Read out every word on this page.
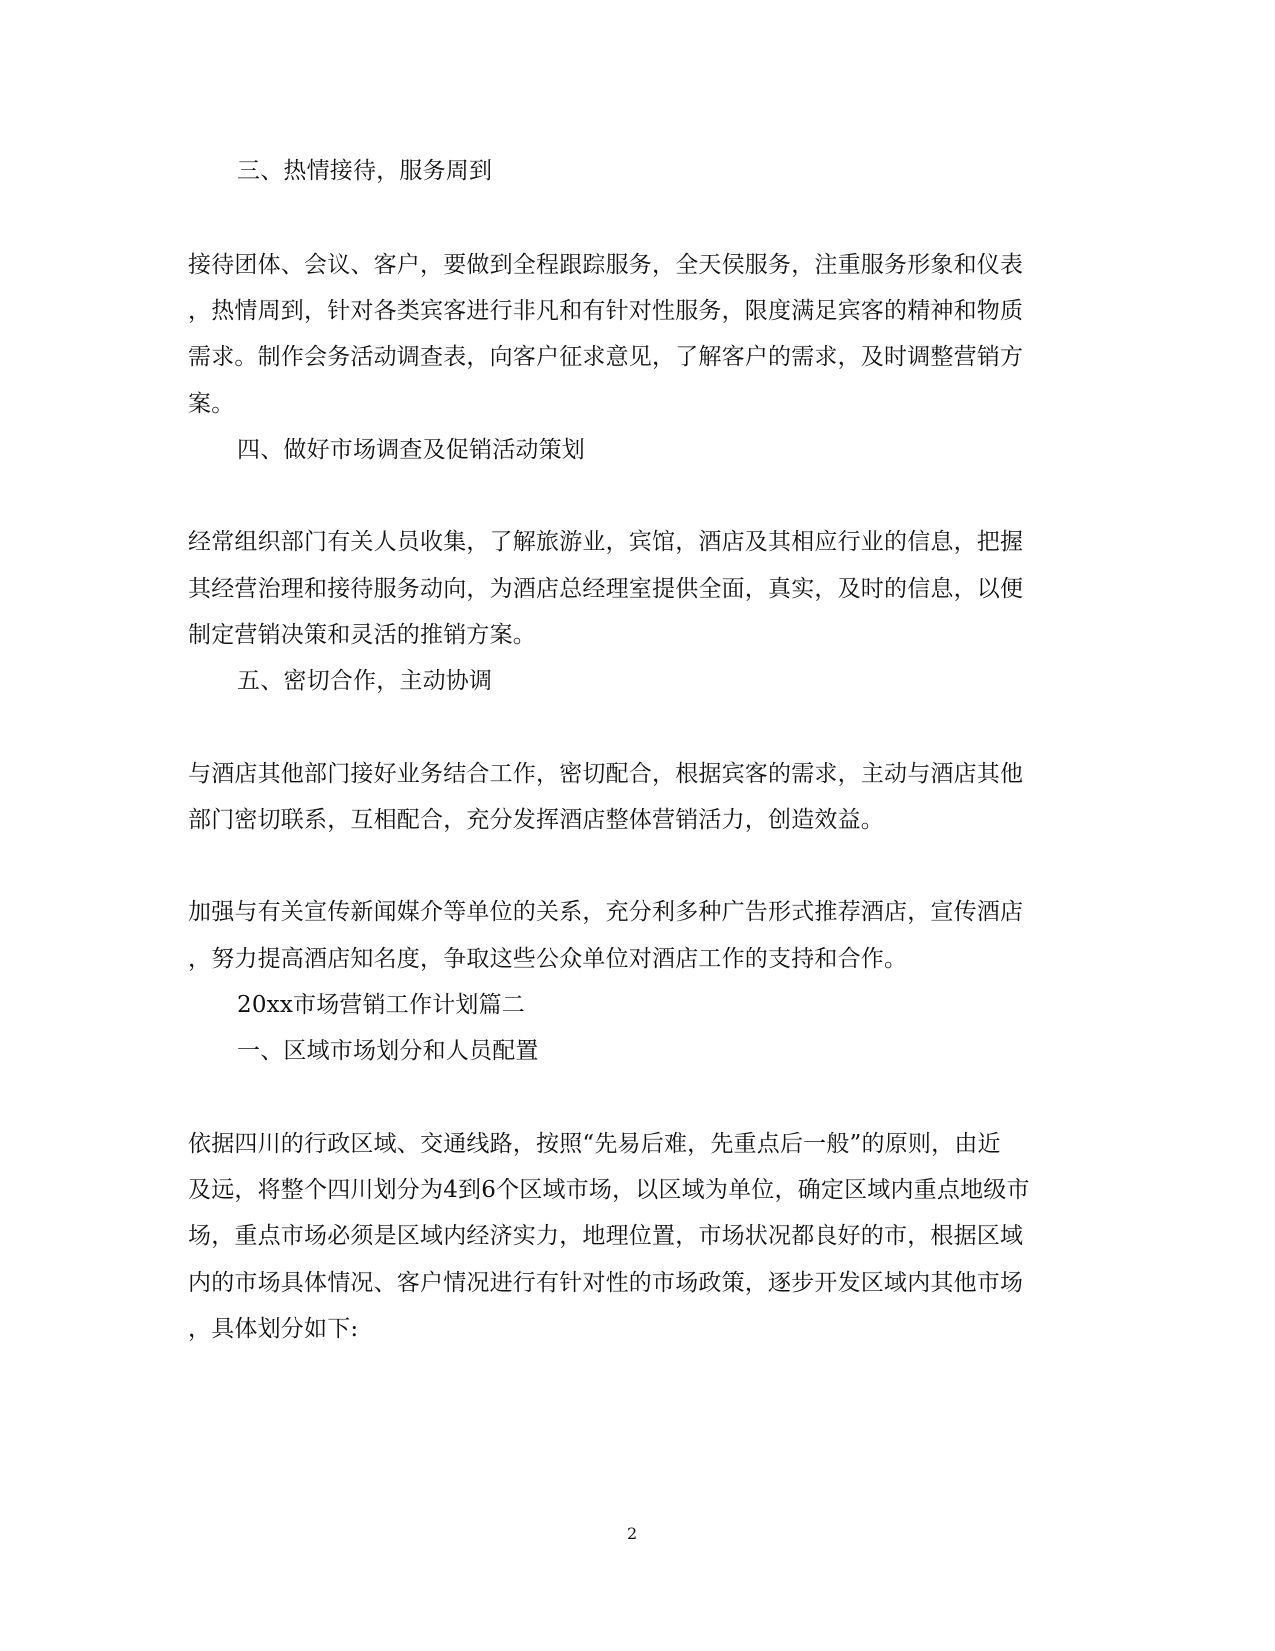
三、热情接待，服务周到
接待团体、会议、客户，要做到全程跟踪服务，全天侯服务，注重服务形象和仪表
，热情周到，针对各类宾客进行非凡和有针对性服务，限度满足宾客的精神和物质
需求。制作会务活动调查表，向客户征求意见，了解客户的需求，及时调整营销方
案。
四、做好市场调查及促销活动策划
经常组织部门有关人员收集，了解旅游业，宾馆，酒店及其相应行业的信息，把握
其经营治理和接待服务动向，为酒店总经理室提供全面，真实，及时的信息，以便
制定营销决策和灵活的推销方案。
五、密切合作，主动协调
与酒店其他部门接好业务结合工作，密切配合，根据宾客的需求，主动与酒店其他
部门密切联系，互相配合，充分发挥酒店整体营销活力，创造效益。
加强与有关宣传新闻媒介等单位的关系，充分利多种广告形式推荐酒店，宣传酒店
，努力提高酒店知名度，争取这些公众单位对酒店工作的支持和合作。
20xx市场营销工作计划篇二
一、区域市场划分和人员配置
依据四川的行政区域、交通线路，按照“先易后难，先重点后一般”的原则，由近
及远，将整个四川划分为4到6个区域市场，以区域为单位，确定区域内重点地级市
场，重点市场必须是区域内经济实力，地理位置，市场状况都良好的市，根据区域
内的市场具体情况、客户情况进行有针对性的市场政策，逐步开发区域内其他市场
，具体划分如下:
2
